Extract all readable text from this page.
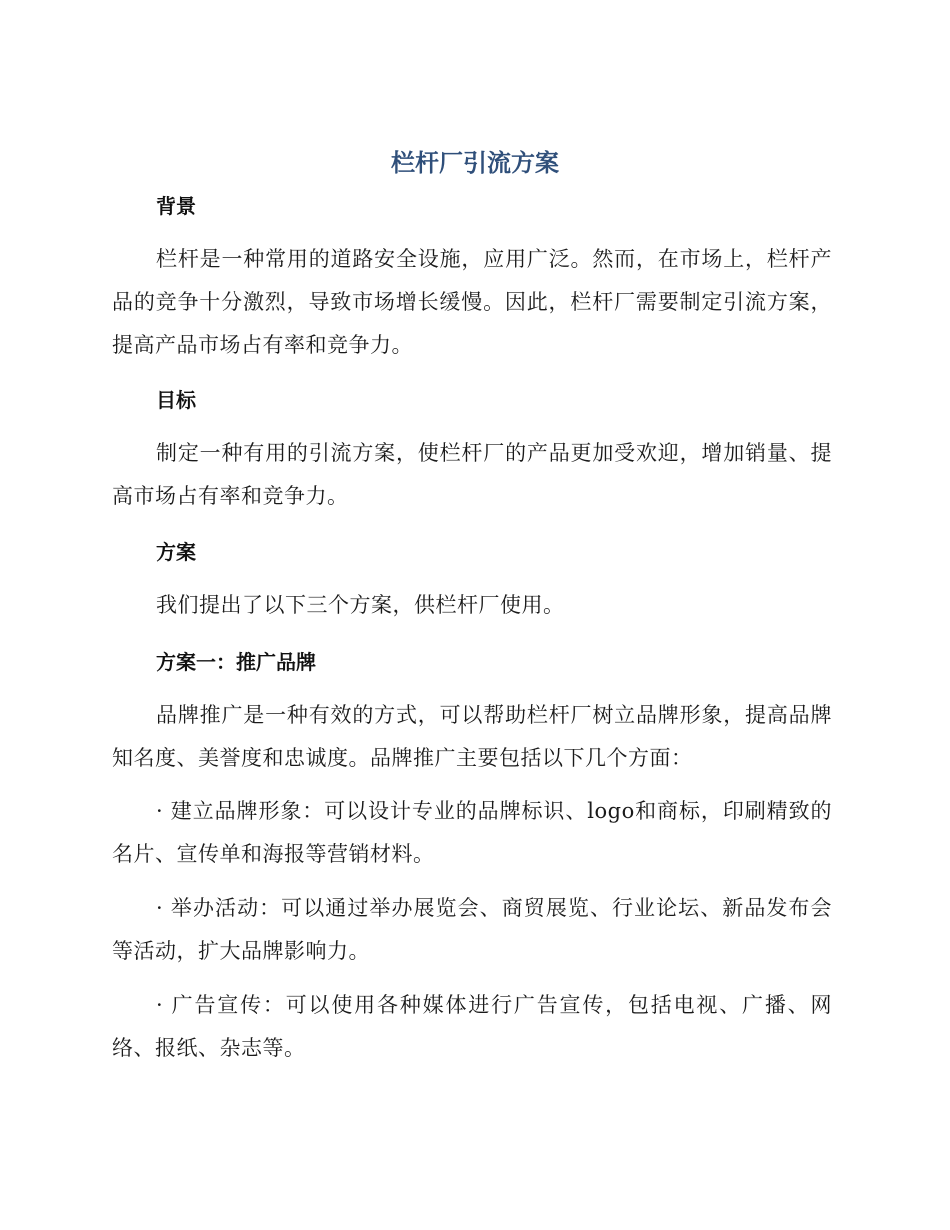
栏杆厂引流方案
背景

栏杆是一种常用的道路安全设施，应用广泛。然而，在市场上，栏杆产品的竞争十分激烈，导致市场增长缓慢。因此，栏杆厂需要制定引流方案，提高产品市场占有率和竞争力。

目标

制定一种有用的引流方案，使栏杆厂的产品更加受欢迎，增加销量、提高市场占有率和竞争力。

方案

我们提出了以下三个方案，供栏杆厂使用。

方案一：推广品牌

品牌推广是一种有效的方式，可以帮助栏杆厂树立品牌形象，提高品牌知名度、美誉度和忠诚度。品牌推广主要包括以下几个方面：

· 建立品牌形象：可以设计专业的品牌标识、logo和商标，印刷精致的名片、宣传单和海报等营销材料。

· 举办活动：可以通过举办展览会、商贸展览、行业论坛、新品发布会等活动，扩大品牌影响力。

· 广告宣传：可以使用各种媒体进行广告宣传，包括电视、广播、网络、报纸、杂志等。
